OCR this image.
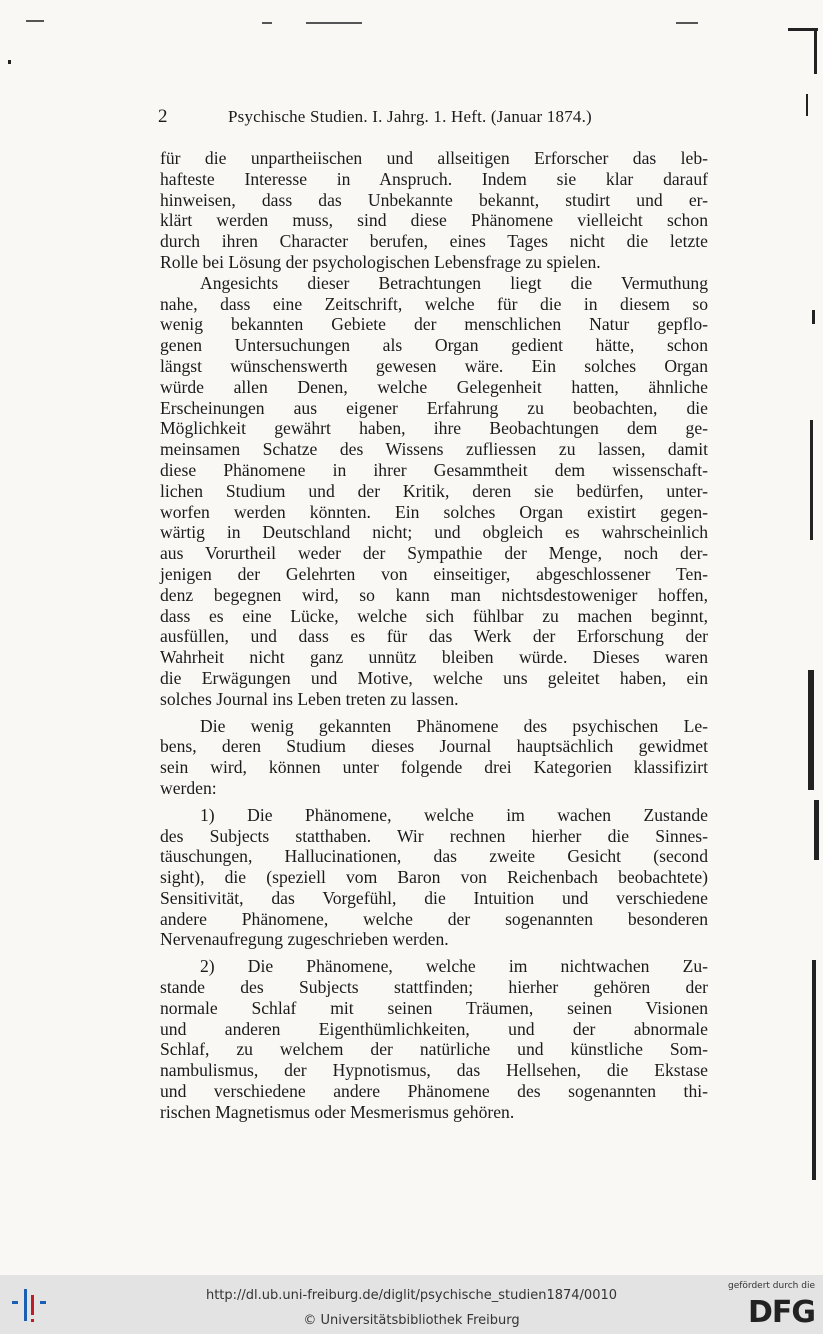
2	Psychische Studien. I. Jahrg. 1. Heft. (Januar 1874.)
für die unpartheiischen und allseitigen Erforscher das leb-
hafteste Interesse in Anspruch. Indem sie klar darauf
hinweisen, dass das Unbekannte bekannt, studirt und er-
klärt werden muss, sind diese Phänomene vielleicht schon
durch ihren Character berufen, eines Tages nicht die letzte
Rolle bei Lösung der psychologischen Lebensfrage zu spielen.
Angesichts dieser Betrachtungen liegt die Vermuthung
nahe, dass eine Zeitschrift, welche für die in diesem so
wenig bekannten Gebiete der menschlichen Natur gepflo-
genen Untersuchungen als Organ gedient hätte, schon
längst wünschenswerth gewesen wäre. Ein solches Organ
würde allen Denen, welche Gelegenheit hatten, ähnliche
Erscheinungen aus eigener Erfahrung zu beobachten, die
Möglichkeit gewährt haben, ihre Beobachtungen dem ge-
meinsamen Schatze des Wissens zufliessen zu lassen, damit
diese Phänomene in ihrer Gesammtheit dem wissenschaft-
lichen Studium und der Kritik, deren sie bedürfen, unter-
worfen werden könnten. Ein solches Organ existirt gegen-
wärtig in Deutschland nicht; und obgleich es wahrscheinlich
aus Vorurtheil weder der Sympathie der Menge, noch der-
jenigen der Gelehrten von einseitiger, abgeschlossener Ten-
denz begegnen wird, so kann man nichtsdestoweniger hoffen,
dass es eine Lücke, welche sich fühlbar zu machen beginnt,
ausfüllen, und dass es für das Werk der Erforschung der
Wahrheit nicht ganz unnütz bleiben würde. Dieses waren
die Erwägungen und Motive, welche uns geleitet haben, ein
solches Journal ins Leben treten zu lassen.
Die wenig gekannten Phänomene des psychischen Le-
bens, deren Studium dieses Journal hauptsächlich gewidmet
sein wird, können unter folgende drei Kategorien klassifizirt
werden:
1) Die Phänomene, welche im wachen Zustande
des Subjects statthaben. Wir rechnen hierher die Sinnes-
täuschungen, Hallucinationen, das zweite Gesicht (second
sight), die (speziell vom Baron von Reichenbach beobachtete)
Sensitivität, das Vorgefühl, die Intuition und verschiedene
andere Phänomene, welche der sogenannten besonderen
Nervenaufregung zugeschrieben werden.
2) Die Phänomene, welche im nichtwachen Zu-
stande des Subjects stattfinden; hierher gehören der
normale Schlaf mit seinen Träumen, seinen Visionen
und anderen Eigenthümlichkeiten, und der abnormale
Schlaf, zu welchem der natürliche und künstliche Som-
nambulismus, der Hypnotismus, das Hellsehen, die Ekstase
und verschiedene andere Phänomene des sogenannten thi-
rischen Magnetismus oder Mesmerismus gehören.
http://dl.ub.uni-freiburg.de/diglit/psychische_studien1874/0010
© Universitätsbibliothek Freiburg
gefördert durch die
DFG
